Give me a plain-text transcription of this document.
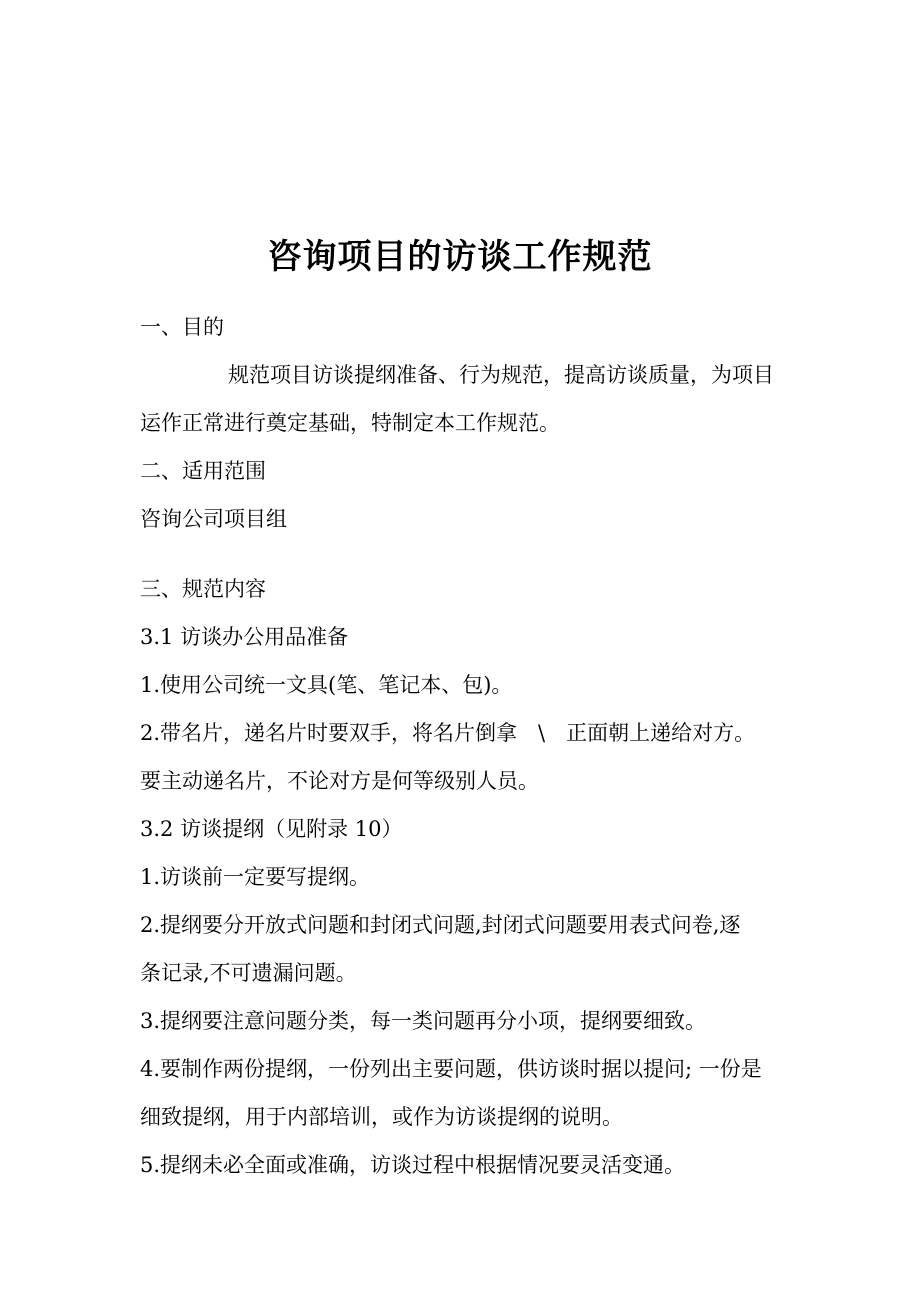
咨询项目的访谈工作规范
一、目的
规范项目访谈提纲准备、行为规范，提高访谈质量，为项目
运作正常进行奠定基础，特制定本工作规范。
二、适用范围
咨询公司项目组
三、规范内容
3.1 访谈办公用品准备
1.使用公司统一文具(笔、笔记本、包)。
2.带名片，递名片时要双手，将名片倒拿　\　正面朝上递给对方。
要主动递名片，不论对方是何等级别人员。
3.2 访谈提纲（见附录 10）
1.访谈前一定要写提纲。
2.提纲要分开放式问题和封闭式问题,封闭式问题要用表式问卷,逐
条记录,不可遗漏问题。
3.提纲要注意问题分类，每一类问题再分小项，提纲要细致。
4.要制作两份提纲，一份列出主要问题，供访谈时据以提问; 一份是
细致提纲，用于内部培训，或作为访谈提纲的说明。
5.提纲未必全面或准确，访谈过程中根据情况要灵活变通。
